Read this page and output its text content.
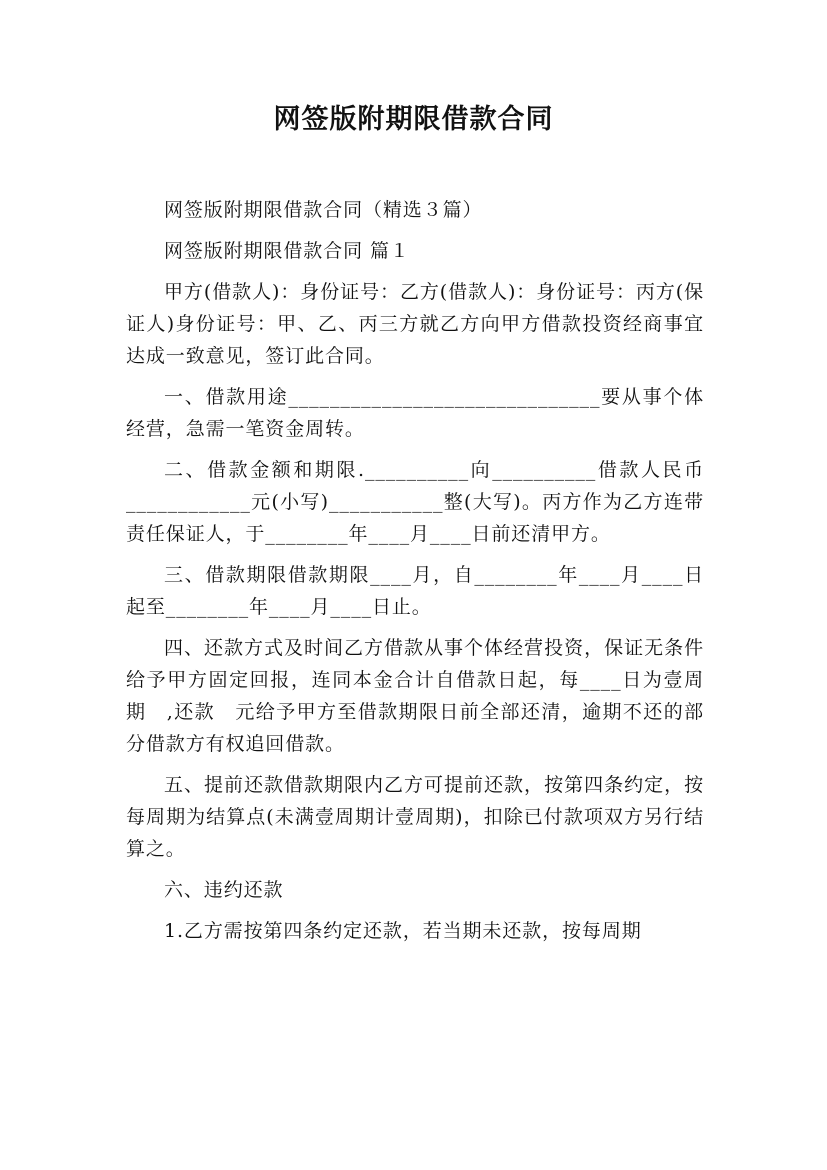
网签版附期限借款合同

网签版附期限借款合同（精选３篇）

网签版附期限借款合同 篇１

甲方(借款人)：身份证号：乙方(借款人)：身份证号：丙方(保证人)身份证号：甲、乙、丙三方就乙方向甲方借款投资经商事宜达成一致意见，签订此合同。

一、借款用途______________________________要从事个体经营，急需一笔资金周转。

二、借款金额和期限.__________向__________借款人民币____________元(小写)___________整(大写)。丙方作为乙方连带责任保证人，于________年____月____日前还清甲方。

三、借款期限借款期限____月，自________年____月____日起至________年____月____日止。

四、还款方式及时间乙方借款从事个体经营投资，保证无条件给予甲方固定回报，连同本金合计自借款日起，每____日为壹周期　,还款　元给予甲方至借款期限日前全部还清，逾期不还的部分借款方有权追回借款。

五、提前还款借款期限内乙方可提前还款，按第四条约定，按每周期为结算点(未满壹周期计壹周期)，扣除已付款项双方另行结算之。

六、违约还款

1.乙方需按第四条约定还款，若当期未还款，按每周期
